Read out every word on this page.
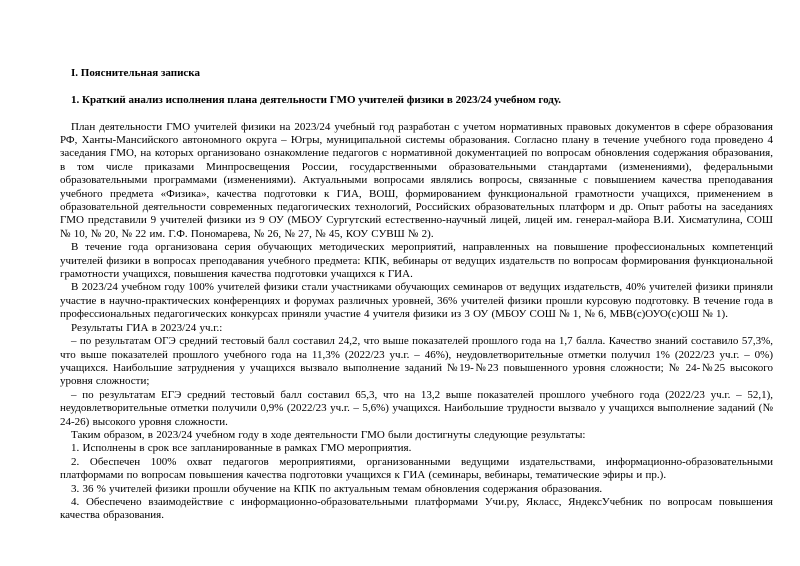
I. Пояснительная записка
1. Краткий анализ исполнения плана деятельности ГМО учителей физики в 2023/24 учебном году.

План деятельности ГМО учителей физики на 2023/24 учебный год разработан с учетом нормативных правовых документов в сфере образования РФ, Ханты-Мансийского автономного округа – Югры, муниципальной системы образования. Согласно плану в течение учебного года проведено 4 заседания ГМО, на которых организовано ознакомление педагогов с нормативной документацией по вопросам обновления содержания образования, в том числе приказами Минпросвещения России, государственными образовательными стандартами (изменениями), федеральными образовательными программами (изменениями). Актуальными вопросами являлись вопросы, связанные с повышением качества преподавания учебного предмета «Физика», качества подготовки к ГИА, ВОШ, формированием функциональной грамотности учащихся, применением в образовательной деятельности современных педагогических технологий, Российских образовательных платформ и др. Опыт работы на заседаниях ГМО представили 9 учителей физики из 9 ОУ (МБОУ Сургутский естественно-научный лицей, лицей им. генерал-майора В.И. Хисматулина, СОШ № 10, № 20, № 22 им. Г.Ф. Пономарева, № 26, № 27, № 45, КОУ СУВШ № 2).

В течение года организована серия обучающих методических мероприятий, направленных на повышение профессиональных компетенций учителей физики в вопросах преподавания учебного предмета: КПК, вебинары от ведущих издательств по вопросам формирования функциональной грамотности учащихся, повышения качества подготовки учащихся к ГИА.

В 2023/24 учебном году 100% учителей физики стали участниками обучающих семинаров от ведущих издательств, 40% учителей физики приняли участие в научно-практических конференциях и форумах различных уровней, 36% учителей физики прошли курсовую подготовку. В течение года в профессиональных педагогических конкурсах приняли участие 4 учителя физики из 3 ОУ (МБОУ СОШ № 1, № 6, МБВ(с)ОУО(с)ОШ № 1).

Результаты ГИА в 2023/24 уч.г.:

– по результатам ОГЭ средний тестовый балл составил 24,2, что выше показателей прошлого года на 1,7 балла. Качество знаний составило 57,3%, что выше показателей прошлого учебного года на 11,3% (2022/23 уч.г. – 46%), неудовлетворительные отметки получил 1% (2022/23 уч.г. – 0%) учащихся. Наибольшие затруднения у учащихся вызвало выполнение заданий №19-№23 повышенного уровня сложности; № 24-№25 высокого уровня сложности;

– по результатам ЕГЭ средний тестовый балл составил 65,3, что на 13,2 выше показателей прошлого учебного года (2022/23 уч.г. – 52,1), неудовлетворительные отметки получили 0,9% (2022/23 уч.г. – 5,6%) учащихся. Наибольшие трудности вызвало у учащихся выполнение заданий (№ 24-26) высокого уровня сложности.

Таким образом, в 2023/24 учебном году в ходе деятельности ГМО были достигнуты следующие результаты:

1. Исполнены в срок все запланированные в рамках ГМО мероприятия.

2. Обеспечен 100% охват педагогов мероприятиями, организованными ведущими издательствами, информационно-образовательными платформами по вопросам повышения качества подготовки учащихся к ГИА (семинары, вебинары, тематические эфиры и пр.).

3. 36 % учителей физики прошли обучение на КПК по актуальным темам обновления содержания образования.

4. Обеспечено взаимодействие с информационно-образовательными платформами Учи.ру, Якласс, ЯндексУчебник по вопросам повышения качества образования.
